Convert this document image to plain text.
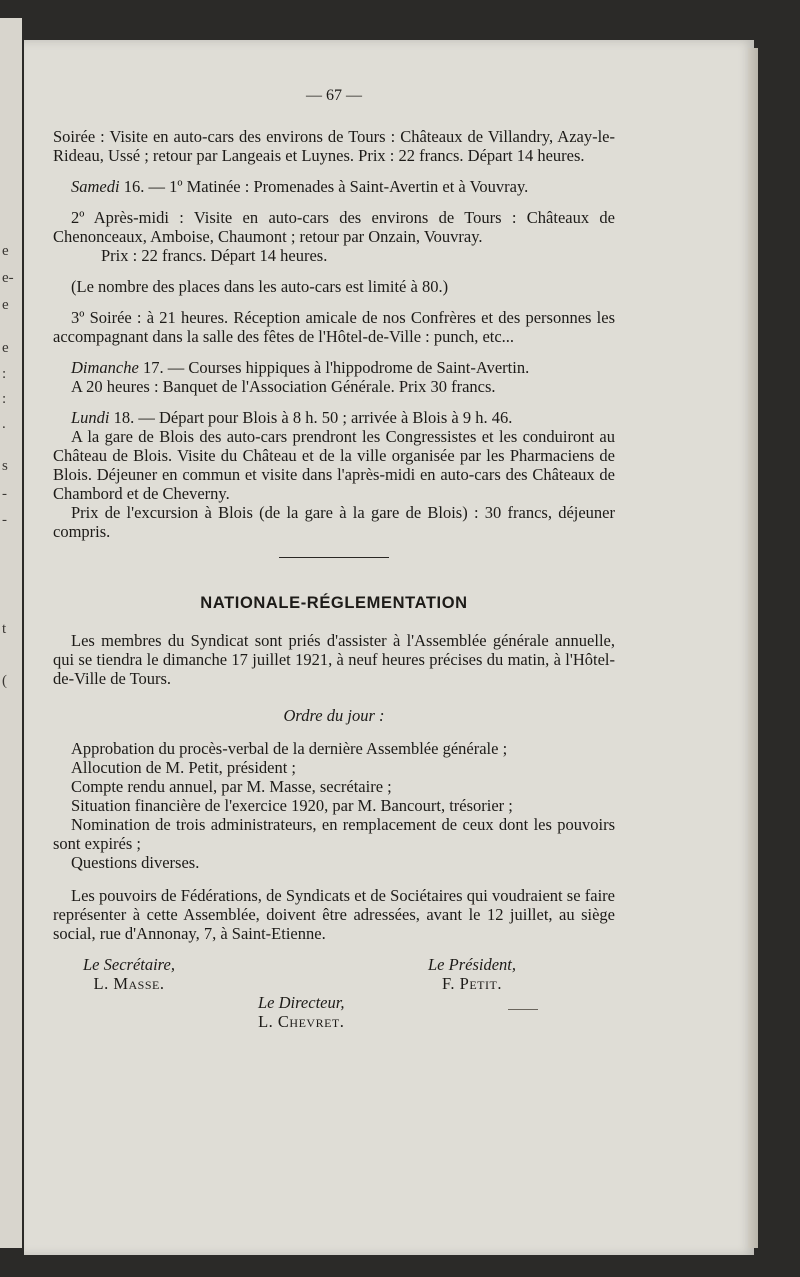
e
e-
e
e
:
:
.
s
-
-
t
(
— 67 —

Soirée : Visite en auto-cars des environs de Tours : Châteaux de Villandry, Azay-le-Rideau, Ussé ; retour par Langeais et Luynes. Prix : 22 francs. Départ 14 heures.

Samedi 16. — 1º Matinée : Promenades à Saint-Avertin et à Vouvray.

2º Après-midi : Visite en auto-cars des environs de Tours : Châteaux de Chenonceaux, Amboise, Chaumont ; retour par Onzain, Vouvray.

Prix : 22 francs. Départ 14 heures.

(Le nombre des places dans les auto-cars est limité à 80.)

3º Soirée : à 21 heures. Réception amicale de nos Confrères et des personnes les accompagnant dans la salle des fêtes de l'Hôtel-de-Ville : punch, etc...

Dimanche 17. — Courses hippiques à l'hippodrome de Saint-Avertin.

A 20 heures : Banquet de l'Association Générale. Prix 30 francs.

Lundi 18. — Départ pour Blois à 8 h. 50 ; arrivée à Blois à 9 h. 46.

A la gare de Blois des auto-cars prendront les Congressistes et les conduiront au Château de Blois. Visite du Château et de la ville organisée par les Pharmaciens de Blois. Déjeuner en commun et visite dans l'après-midi en auto-cars des Châteaux de Chambord et de Cheverny.

Prix de l'excursion à Blois (de la gare à la gare de Blois) : 30 francs, déjeuner compris.

NATIONALE-RÉGLEMENTATION

Les membres du Syndicat sont priés d'assister à l'Assemblée générale annuelle, qui se tiendra le dimanche 17 juillet 1921, à neuf heures précises du matin, à l'Hôtel-de-Ville de Tours.

Ordre du jour :
Approbation du procès-verbal de la dernière Assemblée générale ;
Allocution de M. Petit, président ;
Compte rendu annuel, par M. Masse, secrétaire ;
Situation financière de l'exercice 1920, par M. Bancourt, trésorier ;
Nomination de trois administrateurs, en remplacement de ceux dont les pouvoirs sont expirés ;
Questions diverses.

Les pouvoirs de Fédérations, de Syndicats et de Sociétaires qui voudraient se faire représenter à cette Assemblée, doivent être adressées, avant le 12 juillet, au siège social, rue d'Annonay, 7, à Saint-Etienne.

Le Secrétaire,
L. Masse.
Le Président,
F. Petit.
Le Directeur,
L. Chevret.
